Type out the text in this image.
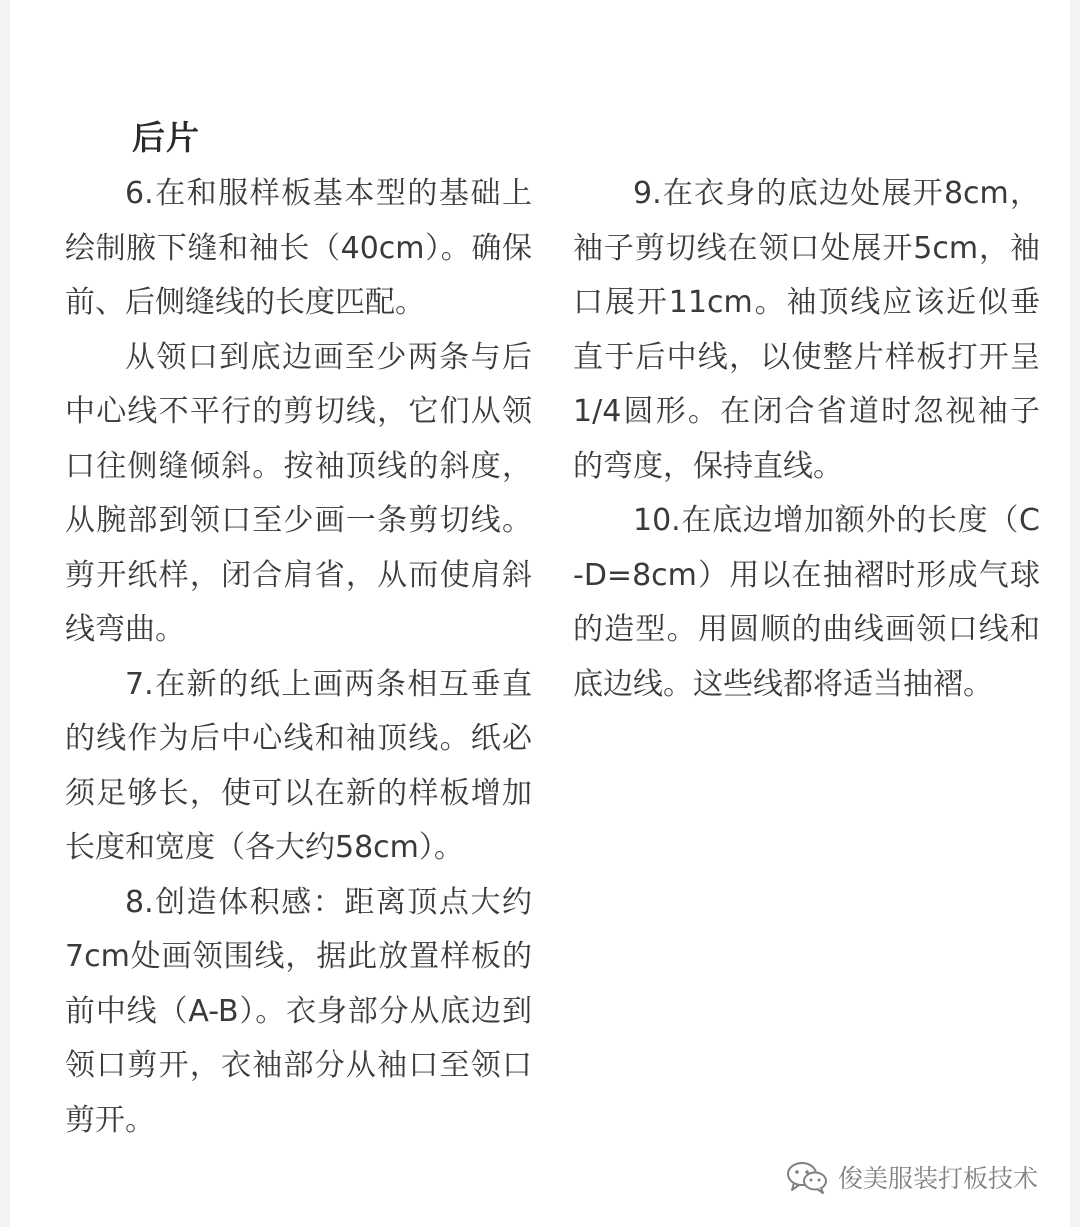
后片

6.在和服样板基本型的基础上绘制腋下缝和袖长（40cm）。确保前、后侧缝线的长度匹配。

从领口到底边画至少两条与后中心线不平行的剪切线，它们从领口往侧缝倾斜。按袖顶线的斜度，从腕部到领口至少画一条剪切线。剪开纸样，闭合肩省，从而使肩斜线弯曲。

7.在新的纸上画两条相互垂直的线作为后中心线和袖顶线。纸必须足够长，使可以在新的样板增加长度和宽度（各大约58cm）。

8.创造体积感：距离顶点大约7cm处画领围线，据此放置样板的前中线（A-B）。衣身部分从底边到领口剪开，衣袖部分从袖口至领口剪开。

9.在衣身的底边处展开8cm，袖子剪切线在领口处展开5cm，袖口展开11cm。袖顶线应该近似垂直于后中线，以使整片样板打开呈1/4圆形。在闭合省道时忽视袖子的弯度，保持直线。

10.在底边增加额外的长度（C-D=8cm）用以在抽褶时形成气球的造型。用圆顺的曲线画领口线和底边线。这些线都将适当抽褶。

俊美服装打板技术
